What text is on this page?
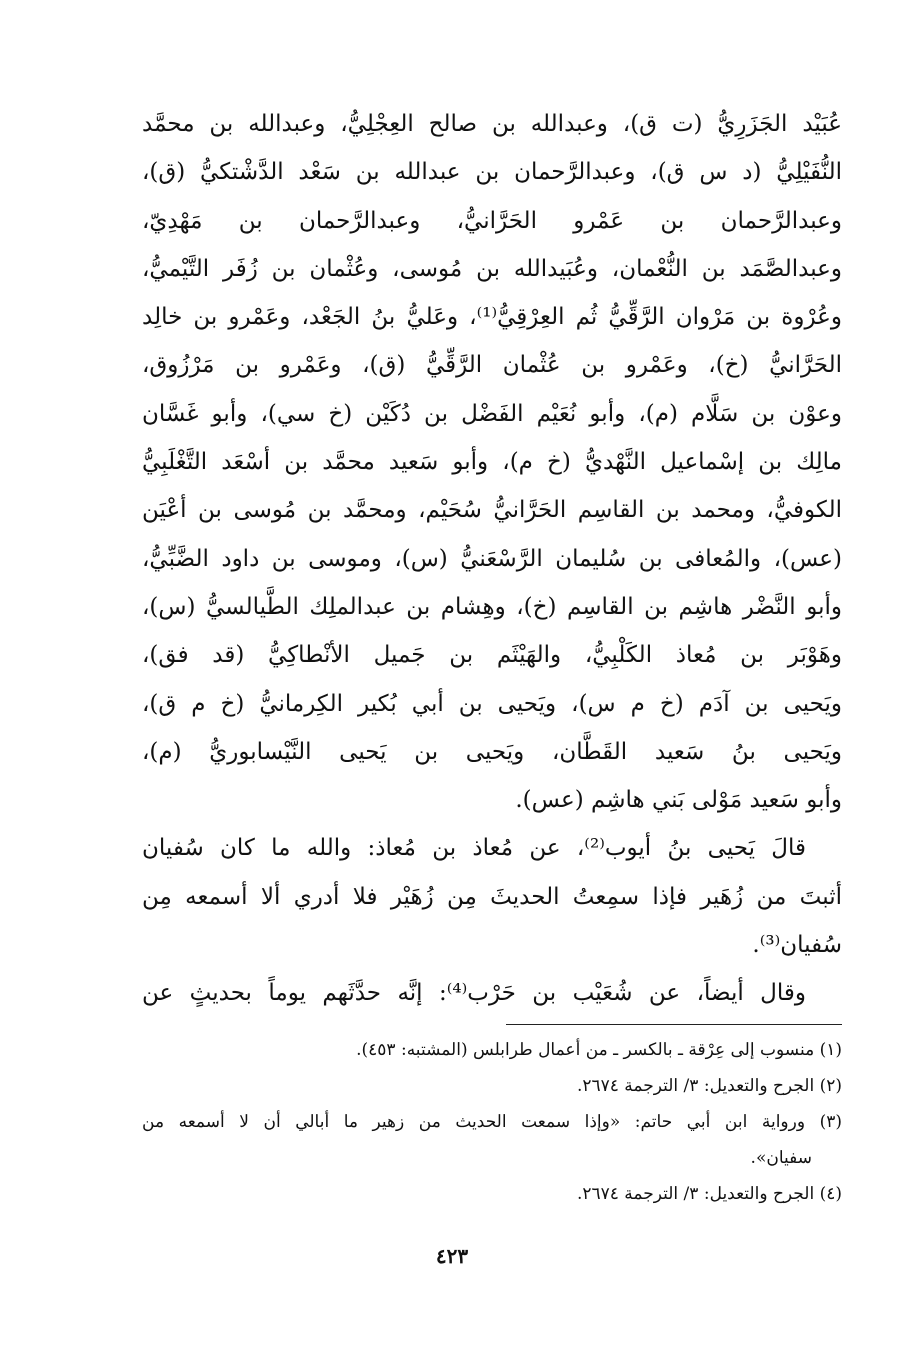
عُبَيْد الجَزَرِيُّ (ت ق)، وعبدالله بن صالح العِجْلِيُّ، وعبدالله بن محمَّد
النُّفَيْلِيُّ (د س ق)، وعبدالرَّحمان بن عبدالله بن سَعْد الدَّشْتكيُّ (ق)،
وعبدالرَّحمان بن عَمْرو الحَرَّانيُّ، وعبدالرَّحمان بن مَهْدِيّ،
وعبدالصَّمَد بن النُّعْمان، وعُبَيدالله بن مُوسى، وعُثْمان بن زُفَر التَّيْميُّ،
وعُرْوة بن مَرْوان الرَّقِّيُّ ثُم العِرْقِيُّ⁽¹⁾، وعَليُّ بنُ الجَعْد، وعَمْرو بن خالِد
الحَرَّانيُّ (خ)، وعَمْرو بن عُثْمان الرَّقِّيُّ (ق)، وعَمْرو بن مَرْزُوق،
وعوْن بن سَلَّام (م)، وأبو نُعَيْم الفَضْل بن دُكَيْن (خ سي)، وأبو غَسَّان
مالِك بن إسْماعيل النَّهْديُّ (خ م)، وأبو سَعيد محمَّد بن أسْعَد التَّغْلَبِيُّ
الكوفيُّ، ومحمد بن القاسِم الحَرَّانيُّ سُحَيْم، ومحمَّد بن مُوسى بن أعْيَن
(عس)، والمُعافى بن سُليمان الرَّسْعَنيُّ (س)، وموسى بن داود الضَّبِّيُّ،
وأبو النَّضْر هاشِم بن القاسِم (خ)، وهِشام بن عبدالملِك الطَّيالسيُّ (س)،
وهَوْبَر بن مُعاذ الكَلْبِيُّ، والهَيْثَم بن جَميل الأنْطاكِيُّ (قد فق)،
ويَحيى بن آدَم (خ م س)، ويَحيى بن أبي بُكير الكِرمانيُّ (خ م ق)،
ويَحيى بنُ سَعيد القَطَّان، ويَحيى بن يَحيى النَّيْسابوريُّ (م)،
وأبو سَعيد مَوْلى بَني هاشِم (عس).
قالَ يَحيى بنُ أيوب⁽²⁾، عن مُعاذ بن مُعاذ: والله ما كان سُفيان
أثبتَ من زُهَير فإذا سمِعتُ الحديثَ مِن زُهَيْر فلا أدري ألا أسمعه مِن
سُفيان⁽³⁾.
وقال أيضاً، عن شُعَيْب بن حَرْب⁽⁴⁾: إنَّه حدَّثَهم يوماً بحديثٍ عن
(١) منسوب إلى عِرْقة ـ بالكسر ـ من أعمال طرابلس (المشتبه: ٤٥٣).
(٢) الجرح والتعديل: ٣/ الترجمة ٢٦٧٤.
(٣) ورواية ابن أبي حاتم: «وإذا سمعت الحديث من زهير ما أبالي أن لا أسمعه من
سفيان».
(٤) الجرح والتعديل: ٣/ الترجمة ٢٦٧٤.
٤٢٣
